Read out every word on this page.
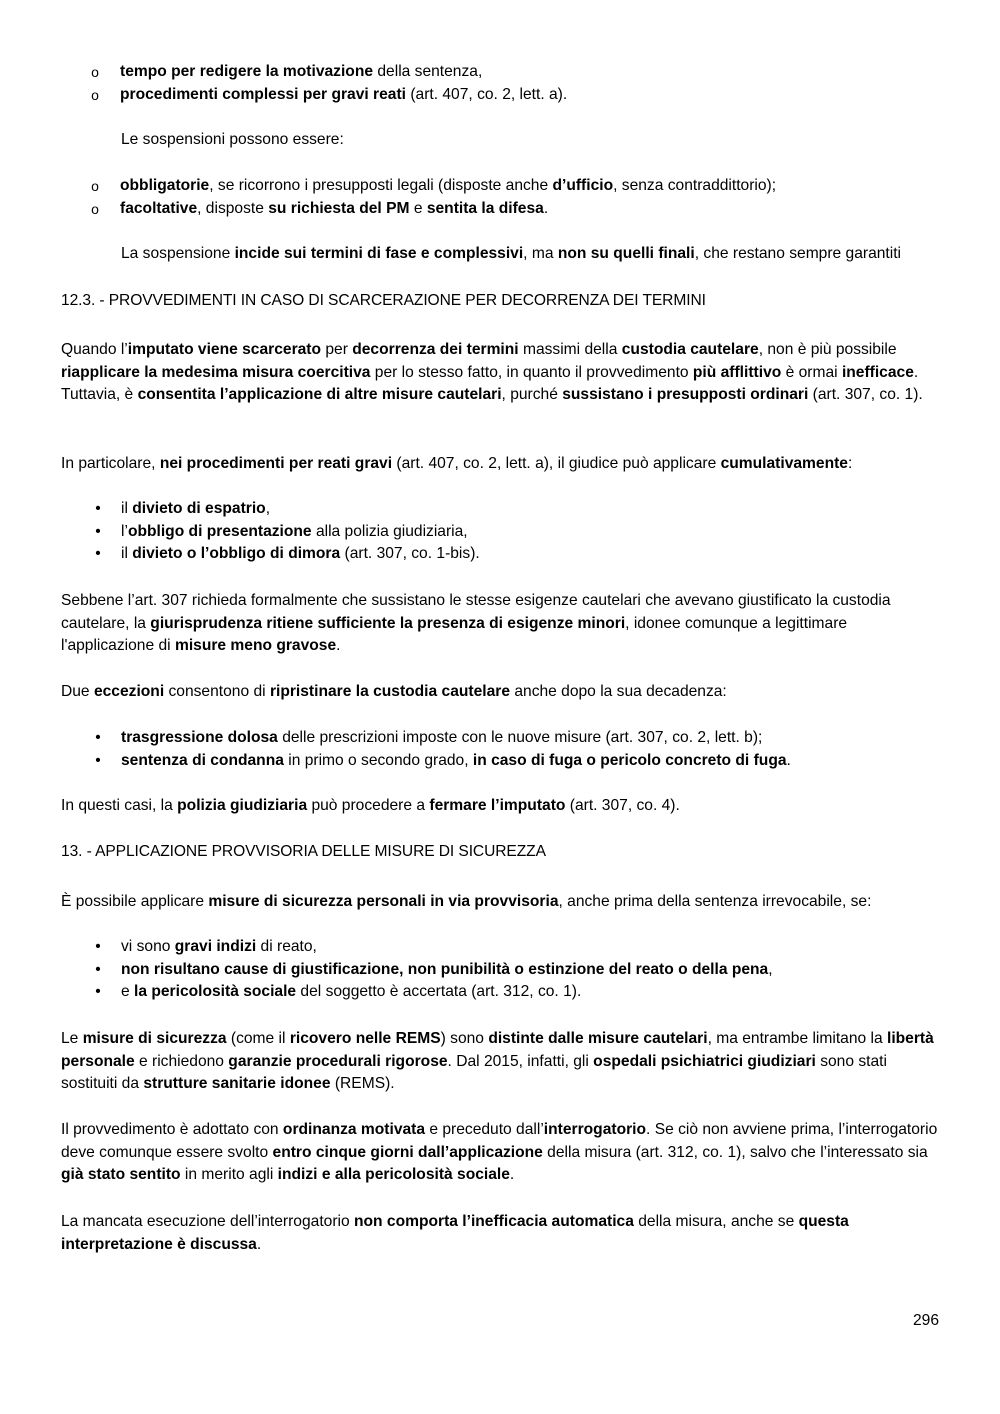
o tempo per redigere la motivazione della sentenza,
o procedimenti complessi per gravi reati (art. 407, co. 2, lett. a).

Le sospensioni possono essere:

o obbligatorie, se ricorrono i presupposti legali (disposte anche d’ufficio, senza contraddittorio);
o facoltative, disposte su richiesta del PM e sentita la difesa.

La sospensione incide sui termini di fase e complessivi, ma non su quelli finali, che restano sempre garantiti

12.3. - PROVVEDIMENTI IN CASO DI SCARCERAZIONE PER DECORRENZA DEI TERMINI

Quando l’imputato viene scarcerato per decorrenza dei termini massimi della custodia cautelare, non è più possibile riapplicare la medesima misura coercitiva per lo stesso fatto, in quanto il provvedimento più afflittivo è ormai inefficace. Tuttavia, è consentita l’applicazione di altre misure cautelari, purché sussistano i presupposti ordinari (art. 307, co. 1).

In particolare, nei procedimenti per reati gravi (art. 407, co. 2, lett. a), il giudice può applicare cumulativamente:

• il divieto di espatrio,
• l’obbligo di presentazione alla polizia giudiziaria,
• il divieto o l’obbligo di dimora (art. 307, co. 1-bis).

Sebbene l’art. 307 richieda formalmente che sussistano le stesse esigenze cautelari che avevano giustificato la custodia cautelare, la giurisprudenza ritiene sufficiente la presenza di esigenze minori, idonee comunque a legittimare l'applicazione di misure meno gravose.

Due eccezioni consentono di ripristinare la custodia cautelare anche dopo la sua decadenza:

• trasgressione dolosa delle prescrizioni imposte con le nuove misure (art. 307, co. 2, lett. b);
• sentenza di condanna in primo o secondo grado, in caso di fuga o pericolo concreto di fuga.

In questi casi, la polizia giudiziaria può procedere a fermare l’imputato (art. 307, co. 4).

13. - APPLICAZIONE PROVVISORIA DELLE MISURE DI SICUREZZA

È possibile applicare misure di sicurezza personali in via provvisoria, anche prima della sentenza irrevocabile, se:

• vi sono gravi indizi di reato,
• non risultano cause di giustificazione, non punibilità o estinzione del reato o della pena,
• e la pericolosità sociale del soggetto è accertata (art. 312, co. 1).

Le misure di sicurezza (come il ricovero nelle REMS) sono distinte dalle misure cautelari, ma entrambe limitano la libertà personale e richiedono garanzie procedurali rigorose. Dal 2015, infatti, gli ospedali psichiatrici giudiziari sono stati sostituiti da strutture sanitarie idonee (REMS).

Il provvedimento è adottato con ordinanza motivata e preceduto dall’interrogatorio. Se ciò non avviene prima, l’interrogatorio deve comunque essere svolto entro cinque giorni dall’applicazione della misura (art. 312, co. 1), salvo che l’interessato sia già stato sentito in merito agli indizi e alla pericolosità sociale.

La mancata esecuzione dell’interrogatorio non comporta l’inefficacia automatica della misura, anche se questa interpretazione è discussa.

296
